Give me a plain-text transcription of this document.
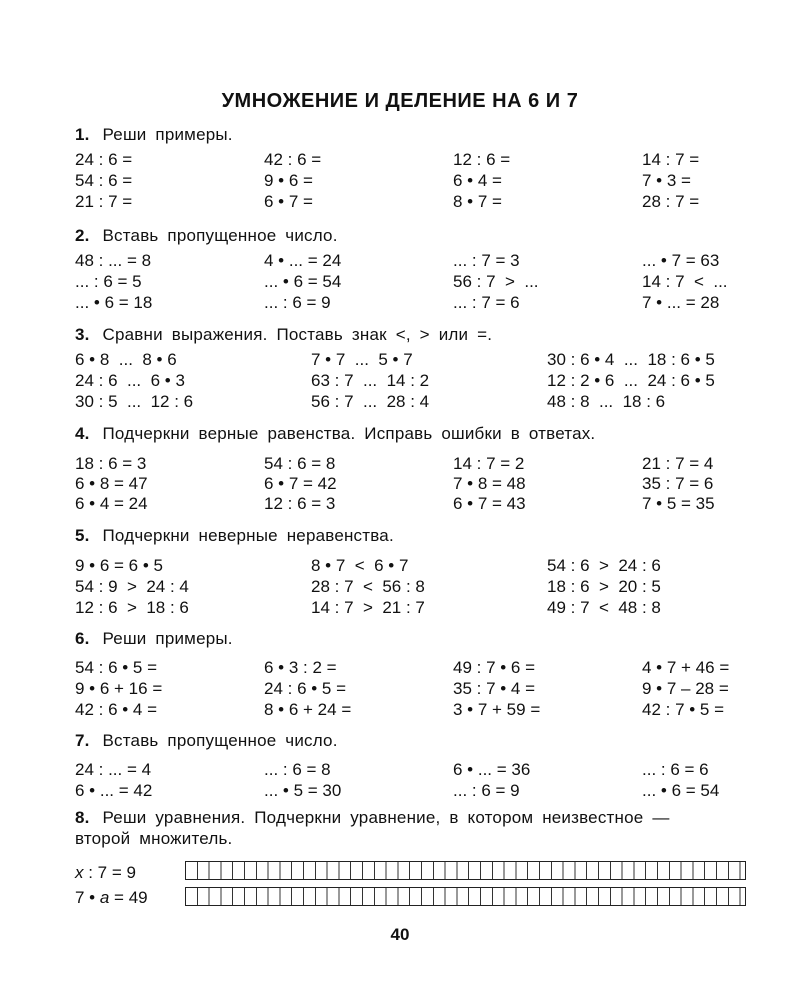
УМНОЖЕНИЕ И ДЕЛЕНИЕ НА 6 И 7
1. Реши примеры.
24 : 6 =	42 : 6 =	12 : 6 =	14 : 7 =
54 : 6 =	9 • 6 =	6 • 4 =	7 • 3 =
21 : 7 =	6 • 7 =	8 • 7 =	28 : 7 =
2. Вставь пропущенное число.
48 : ... = 8	4 • ... = 24	... : 7 = 3	... • 7 = 63
... : 6 = 5	... • 6 = 54	56 : 7  >  ...	14 : 7  <  ...
... • 6 = 18	... : 6 = 9	... : 7 = 6	7 • ... = 28
3. Сравни выражения. Поставь знак <, > или =.
6 • 8  ...  8 • 6	7 • 7  ...  5 • 7	30 : 6 • 4  ...  18 : 6 • 5
24 : 6  ...  6 • 3	63 : 7  ...  14 : 2	12 : 2 • 6  ...  24 : 6 • 5
30 : 5  ...  12 : 6	56 : 7  ...  28 : 4	48 : 8  ...  18 : 6
4. Подчеркни верные равенства. Исправь ошибки в ответах.
18 : 6 = 3	54 : 6 = 8	14 : 7 = 2	21 : 7 = 4
6 • 8 = 47	6 • 7 = 42	7 • 8 = 48	35 : 7 = 6
6 • 4 = 24	12 : 6 = 3	6 • 7 = 43	7 • 5 = 35
5. Подчеркни неверные неравенства.
9 • 6 = 6 • 5	8 • 7  <  6 • 7	54 : 6  >  24 : 6
54 : 9  >  24 : 4	28 : 7  <  56 : 8	18 : 6  >  20 : 5
12 : 6  >  18 : 6	14 : 7  >  21 : 7	49 : 7  <  48 : 8
6. Реши примеры.
54 : 6 • 5 =	6 • 3 : 2 =	49 : 7 • 6 =	4 • 7 + 46 =
9 • 6 + 16 =	24 : 6 • 5 =	35 : 7 • 4 =	9 • 7 – 28 =
42 : 6 • 4 =	8 • 6 + 24 =	3 • 7 + 59 =	42 : 7 • 5 =
7. Вставь пропущенное число.
24 : ... = 4	... : 6 = 8	6 • ... = 36	... : 6 = 6
6 • ... = 42	... • 5 = 30	... : 6 = 9	... • 6 = 54
8. Реши уравнения. Подчеркни уравнение, в котором неизвестное —
второй множитель.
x : 7 = 9
7 • a = 49
40
